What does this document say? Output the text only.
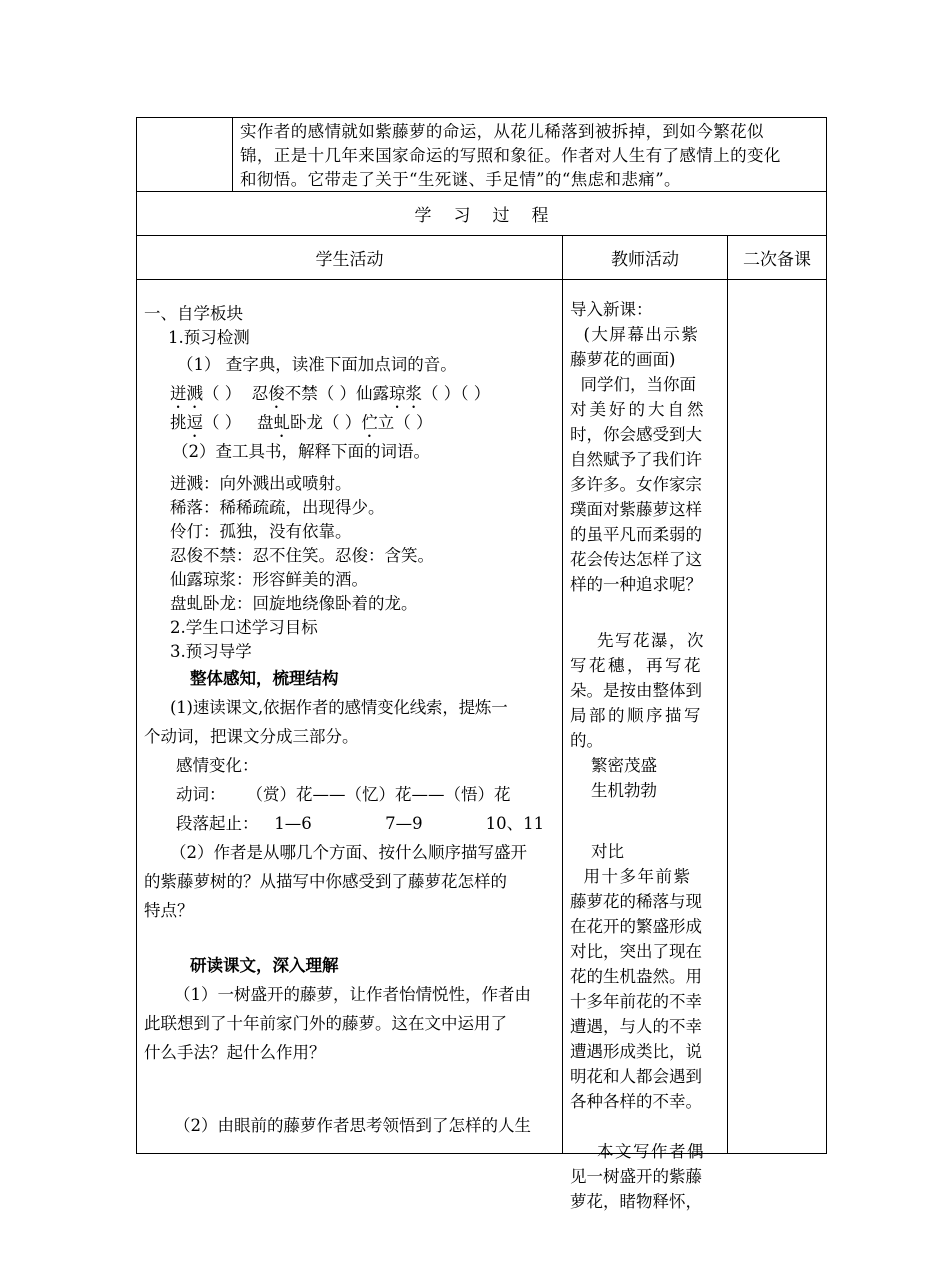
实作者的感情就如紫藤萝的命运，从花儿稀落到被拆掉，到如今繁花似
锦，正是十几年来国家命运的写照和象征。作者对人生有了感情上的变化
和彻悟。它带走了关于“生死谜、手足情”的“焦虑和悲痛”。
学习过程
学生活动	教师活动	二次备课
一、自学板块
1.预习检测
（1） 查字典，读准下面加点词的音。
迸溅（ ） 忍俊不禁（ ）仙露琼浆（ ）（ ）
挑逗（ ） 盘虬卧龙（ ）伫立（ ）
（2）查工具书，解释下面的词语。
迸溅：向外溅出或喷射。
稀落：稀稀疏疏，出现得少。
伶仃：孤独，没有依靠。
忍俊不禁：忍不住笑。忍俊：含笑。
仙露琼浆：形容鲜美的酒。
盘虬卧龙：回旋地绕像卧着的龙。
2.学生口述学习目标
3.预习导学
整体感知，梳理结构
(1)速读课文,依据作者的感情变化线索，提炼一
个动词，把课文分成三部分。
感情变化：
动词：    （赏）花——（忆）花——（悟）花
段落起止：   1—6              7—9            10、11
（2）作者是从哪几个方面、按什么顺序描写盛开
的紫藤萝树的？从描写中你感受到了藤萝花怎样的
特点？
研读课文，深入理解
（1）一树盛开的藤萝，让作者怡情悦性，作者由
此联想到了十年前家门外的藤萝。这在文中运用了
什么手法？起什么作用？
（2）由眼前的藤萝作者思考领悟到了怎样的人生
导入新课：
(大屏幕出示紫
藤萝花的画面)
同学们，当你面
对美好的大自然
时，你会感受到大
自然赋予了我们许
多许多。女作家宗
璞面对紫藤萝这样
的虽平凡而柔弱的
花会传达怎样了这
样的一种追求呢？
先写花瀑，次
写花穗，再写花
朵。是按由整体到
局部的顺序描写
的。
繁密茂盛
生机勃勃
对比
用十多年前紫
藤萝花的稀落与现
在花开的繁盛形成
对比，突出了现在
花的生机盎然。用
十多年前花的不幸
遭遇，与人的不幸
遭遇形成类比，说
明花和人都会遇到
各种各样的不幸。
本文写作者偶
见一树盛开的紫藤
萝花，睹物释怀，
